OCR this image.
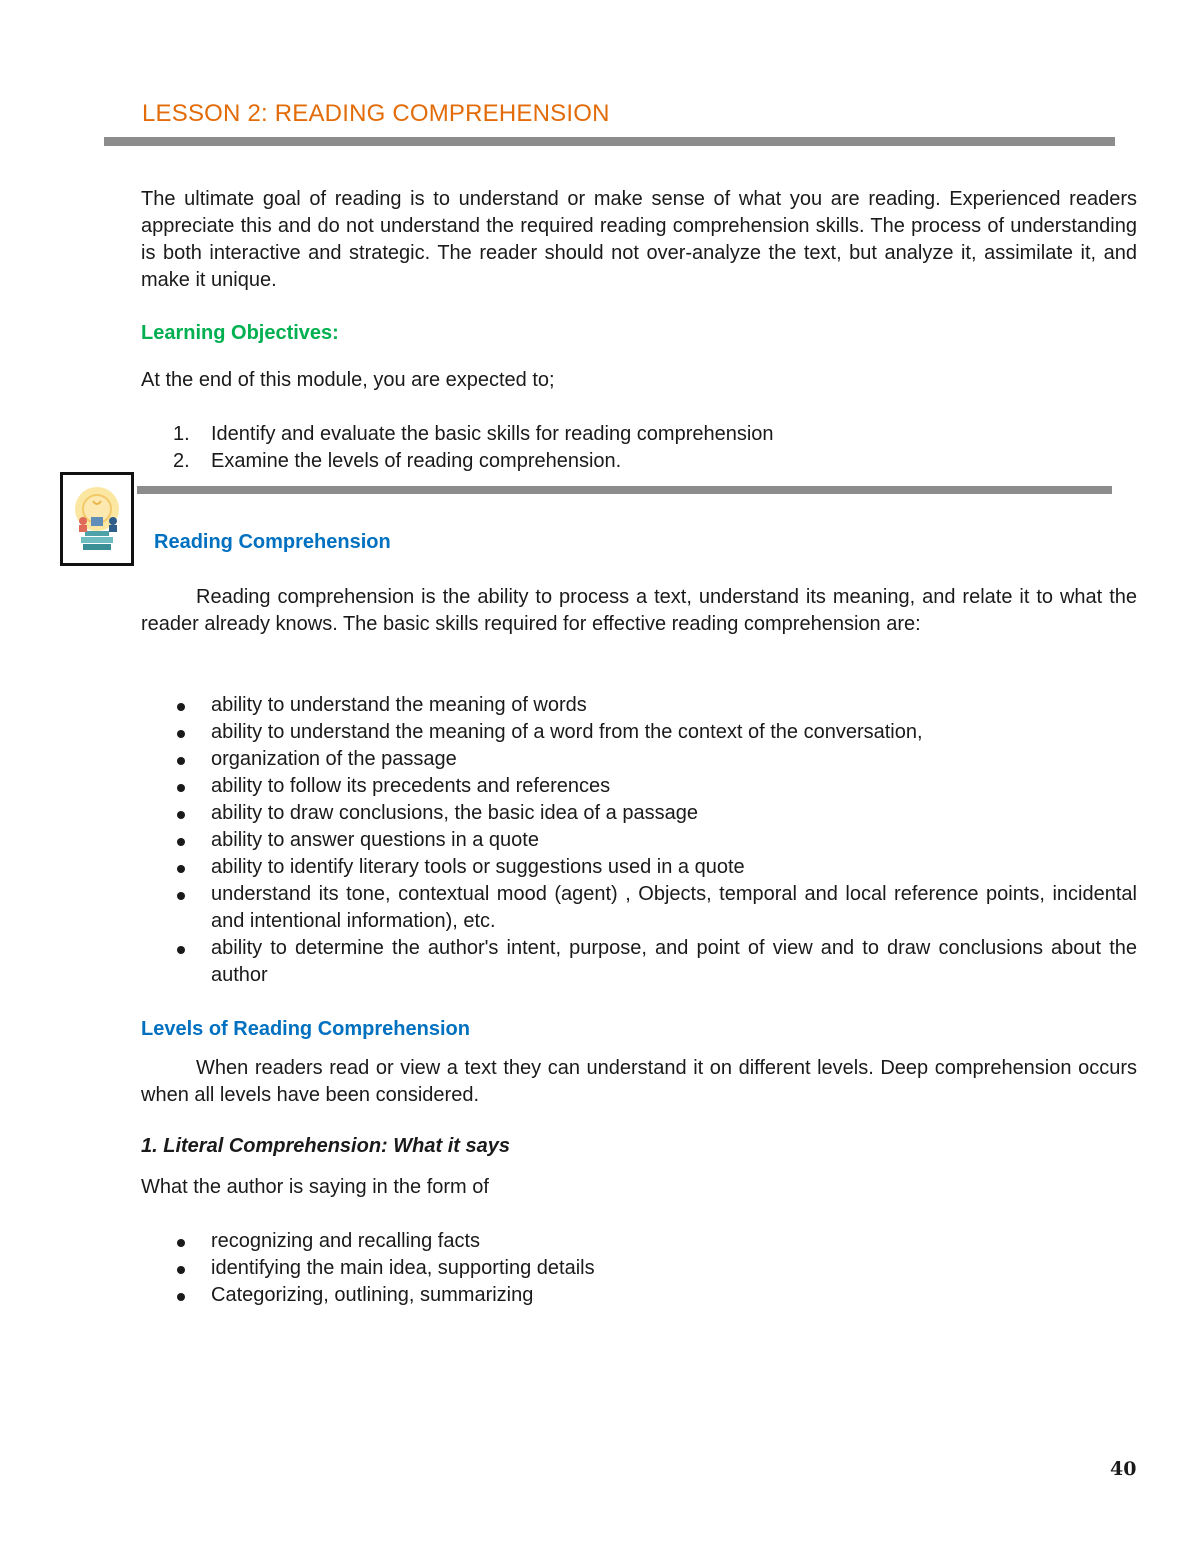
LESSON 2: READING COMPREHENSION
The ultimate goal of reading is to understand or make sense of what you are reading. Experienced readers appreciate this and do not understand the required reading comprehension skills. The process of understanding is both interactive and strategic. The reader should not over-analyze the text, but analyze it, assimilate it, and make it unique.
Learning Objectives:
At the end of this module, you are expected to;
1. Identify and evaluate the basic skills for reading comprehension
2. Examine the levels of reading comprehension.
Reading Comprehension
Reading comprehension is the ability to process a text, understand its meaning, and relate it to what the reader already knows. The basic skills required for effective reading comprehension are:
ability to understand the meaning of words
ability to understand the meaning of a word from the context of the conversation,
organization of the passage
ability to follow its precedents and references
ability to draw conclusions, the basic idea of a passage
ability to answer questions in a quote
ability to identify literary tools or suggestions used in a quote
understand its tone, contextual mood (agent) , Objects, temporal and local reference points, incidental and intentional information), etc.
ability to determine the author's intent, purpose, and point of view and to draw conclusions about the author
Levels of Reading Comprehension
When readers read or view a text they can understand it on different levels. Deep comprehension occurs when all levels have been considered.
1. Literal Comprehension: What it says
What the author is saying in the form of
recognizing and recalling facts
identifying the main idea, supporting details
Categorizing, outlining, summarizing
40
